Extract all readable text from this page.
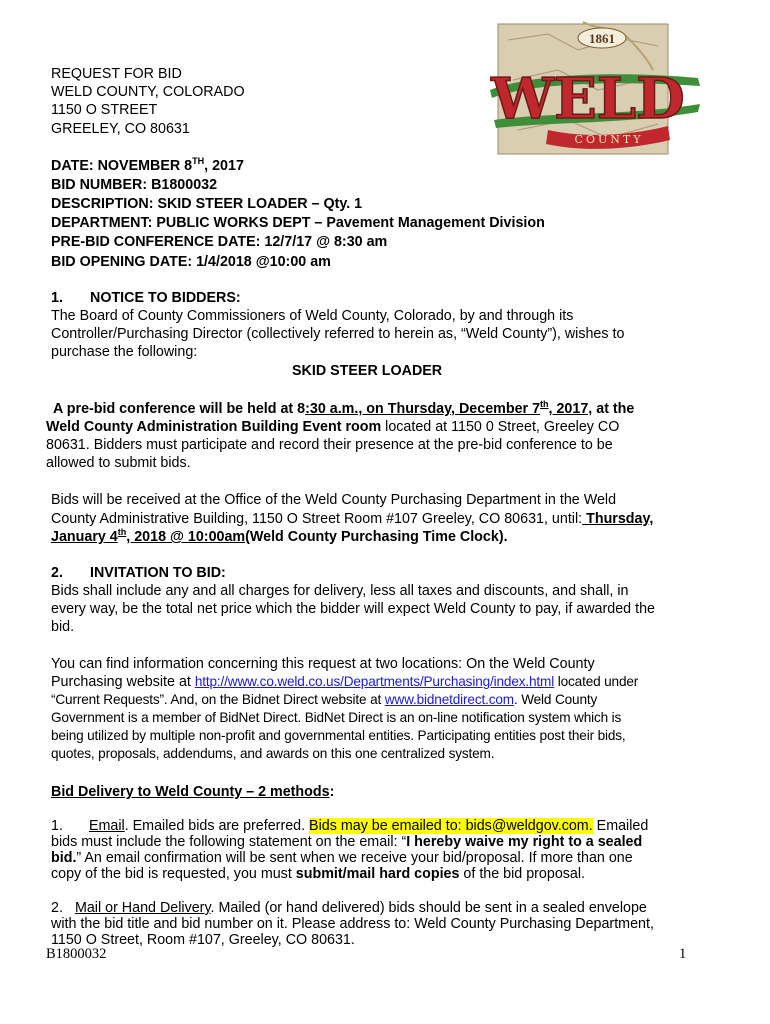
REQUEST FOR BID
WELD COUNTY, COLORADO
1150 O STREET
GREELEY, CO 80631
1861
WELD
COUNTY
DATE: NOVEMBER 8TH, 2017
BID NUMBER: B1800032
DESCRIPTION: SKID STEER LOADER – Qty. 1
DEPARTMENT: PUBLIC WORKS DEPT – Pavement Management Division
PRE-BID CONFERENCE DATE: 12/7/17 @ 8:30 am
BID OPENING DATE: 1/4/2018 @10:00 am
1. NOTICE TO BIDDERS:
The Board of County Commissioners of Weld County, Colorado, by and through its
Controller/Purchasing Director (collectively referred to herein as, “Weld County”), wishes to
purchase the following:
SKID STEER LOADER
A pre-bid conference will be held at 8:30 a.m., on Thursday, December 7th, 2017, at the
Weld County Administration Building Event room located at 1150 0 Street, Greeley CO
80631. Bidders must participate and record their presence at the pre-bid conference to be
allowed to submit bids.
Bids will be received at the Office of the Weld County Purchasing Department in the Weld
County Administrative Building, 1150 O Street Room #107 Greeley, CO 80631, until: Thursday,
January 4th, 2018 @ 10:00am(Weld County Purchasing Time Clock).
2. INVITATION TO BID:
Bids shall include any and all charges for delivery, less all taxes and discounts, and shall, in
every way, be the total net price which the bidder will expect Weld County to pay, if awarded the
bid.
You can find information concerning this request at two locations: On the Weld County
Purchasing website at http://www.co.weld.co.us/Departments/Purchasing/index.html located under
“Current Requests”. And, on the Bidnet Direct website at www.bidnetdirect.com. Weld County
Government is a member of BidNet Direct. BidNet Direct is an on-line notification system which is
being utilized by multiple non-profit and governmental entities. Participating entities post their bids,
quotes, proposals, addendums, and awards on this one centralized system.
Bid Delivery to Weld County – 2 methods:
1. Email. Emailed bids are preferred. Bids may be emailed to: bids@weldgov.com. Emailed
bids must include the following statement on the email: “I hereby waive my right to a sealed
bid.” An email confirmation will be sent when we receive your bid/proposal. If more than one
copy of the bid is requested, you must submit/mail hard copies of the bid proposal.
2. Mail or Hand Delivery. Mailed (or hand delivered) bids should be sent in a sealed envelope
with the bid title and bid number on it. Please address to: Weld County Purchasing Department,
1150 O Street, Room #107, Greeley, CO 80631.
B1800032	1
